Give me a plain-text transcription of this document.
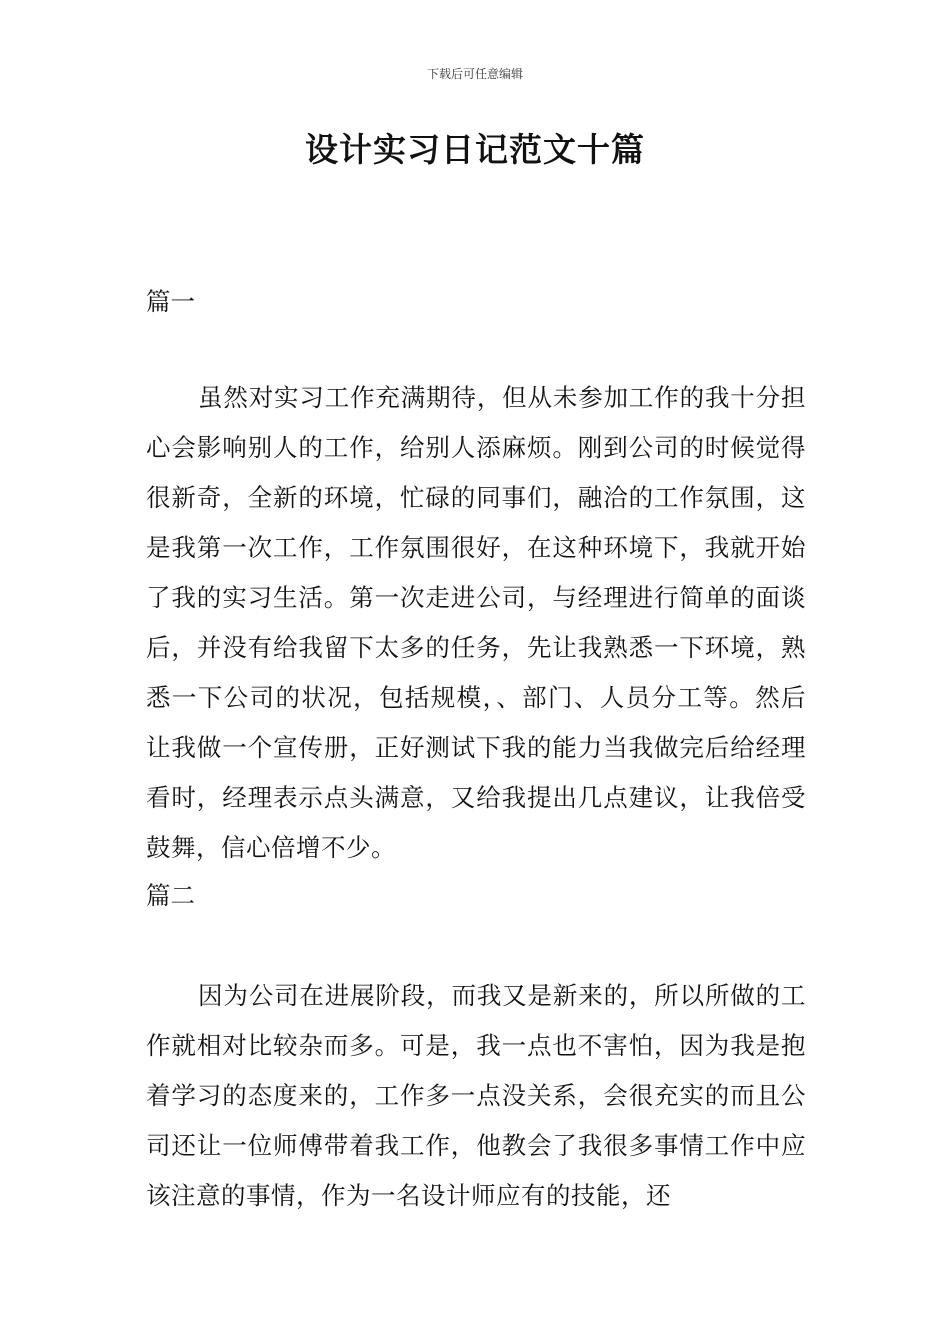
下载后可任意编辑
设计实习日记范文十篇
篇一

虽然对实习工作充满期待，但从未参加工作的我十分担心会影响别人的工作，给别人添麻烦。刚到公司的时候觉得很新奇，全新的环境，忙碌的同事们，融洽的工作氛围，这是我第一次工作，工作氛围很好，在这种环境下，我就开始了我的实习生活。第一次走进公司，与经理进行简单的面谈后，并没有给我留下太多的任务，先让我熟悉一下环境，熟悉一下公司的状况，包括规模，、部门、人员分工等。然后让我做一个宣传册，正好测试下我的能力当我做完后给经理看时，经理表示点头满意，又给我提出几点建议，让我倍受鼓舞，信心倍增不少。

篇二

因为公司在进展阶段，而我又是新来的，所以所做的工作就相对比较杂而多。可是，我一点也不害怕，因为我是抱着学习的态度来的，工作多一点没关系，会很充实的而且公司还让一位师傅带着我工作，他教会了我很多事情工作中应该注意的事情，作为一名设计师应有的技能，还
